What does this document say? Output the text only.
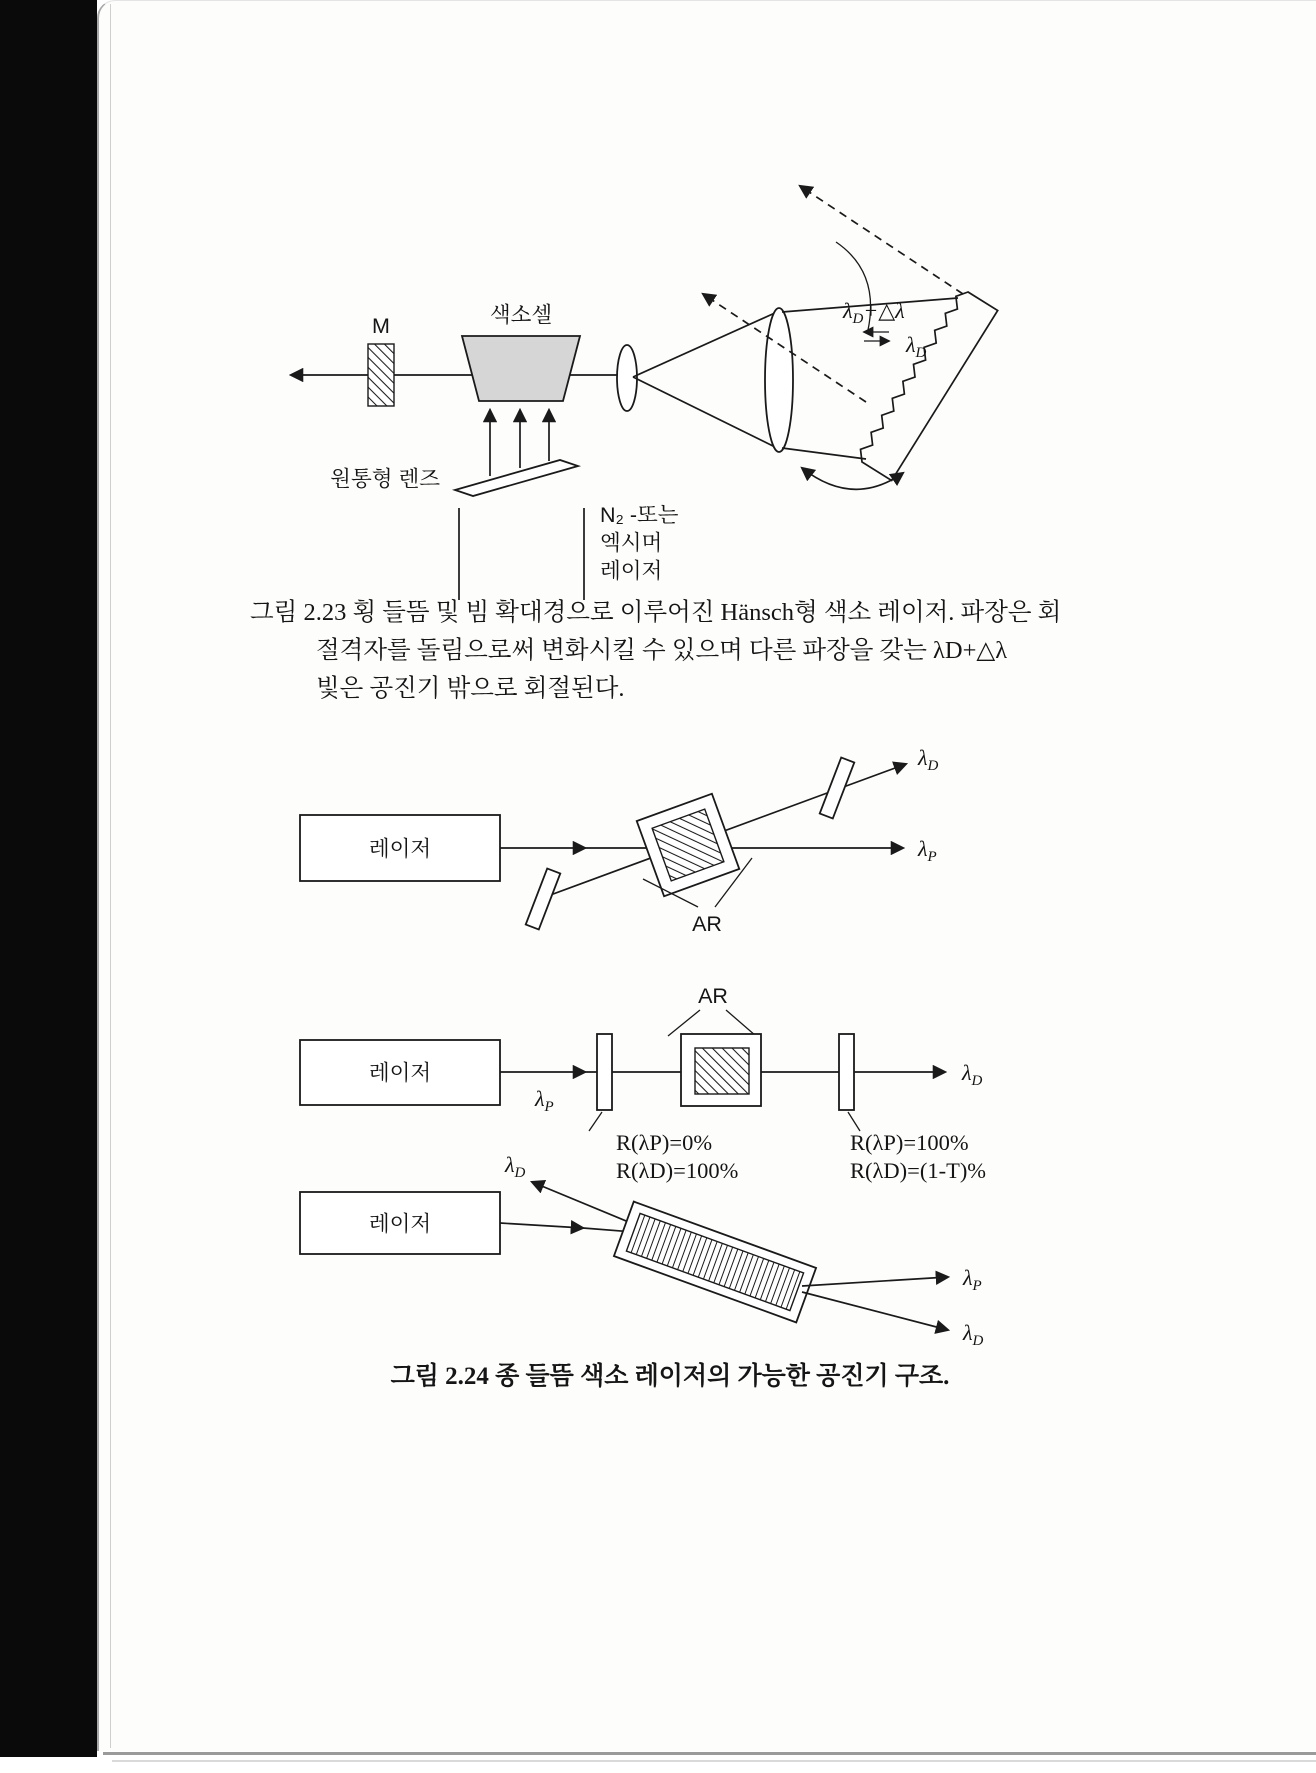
M	색소셀
원통형 렌즈
N₂ -또는
엑시머
레이저
$\lambda_D+\triangle\lambda$
$\lambda_D$
레이저
AR
$\lambda_P$
$\lambda_D$
AR
레이저
$\lambda_P$
$\lambda_D$
R(λP)=0%
R(λD)=100%
R(λP)=100%
R(λD)=(1-T)%
$\lambda_D$
레이저
$\lambda_P$
$\lambda_D$
그림 2.23 횡 들뜸 및 빔 확대경으로 이루어진 Hänsch형 색소 레이저. 파장은 회
절격자를 돌림으로써 변화시킬 수 있으며 다른 파장을 갖는 λD+△λ
빛은 공진기 밖으로 회절된다.
그림 2.24 종 들뜸 색소 레이저의 가능한 공진기 구조.
